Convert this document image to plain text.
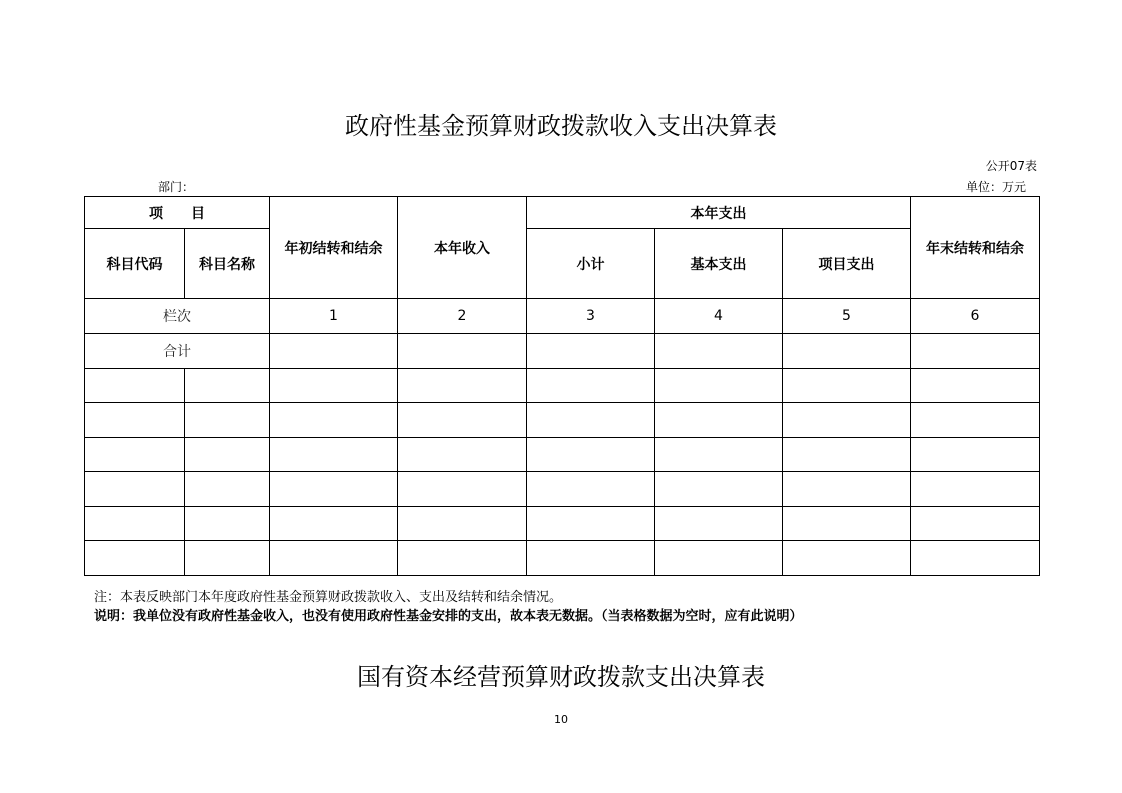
政府性基金预算财政拨款收入支出决算表
公开07表
部门：	单位：万元
项　　目		年初结转和结余	本年收入	本年支出			年末结转和结余
科目代码	科目名称			小计	基本支出	项目支出	
栏次		1	2	3	4	5	6
合计							

注：本表反映部门本年度政府性基金预算财政拨款收入、支出及结转和结余情况。
说明：我单位没有政府性基金收入，也没有使用政府性基金安排的支出，故本表无数据。（当表格数据为空时，应有此说明）
国有资本经营预算财政拨款支出决算表
10
